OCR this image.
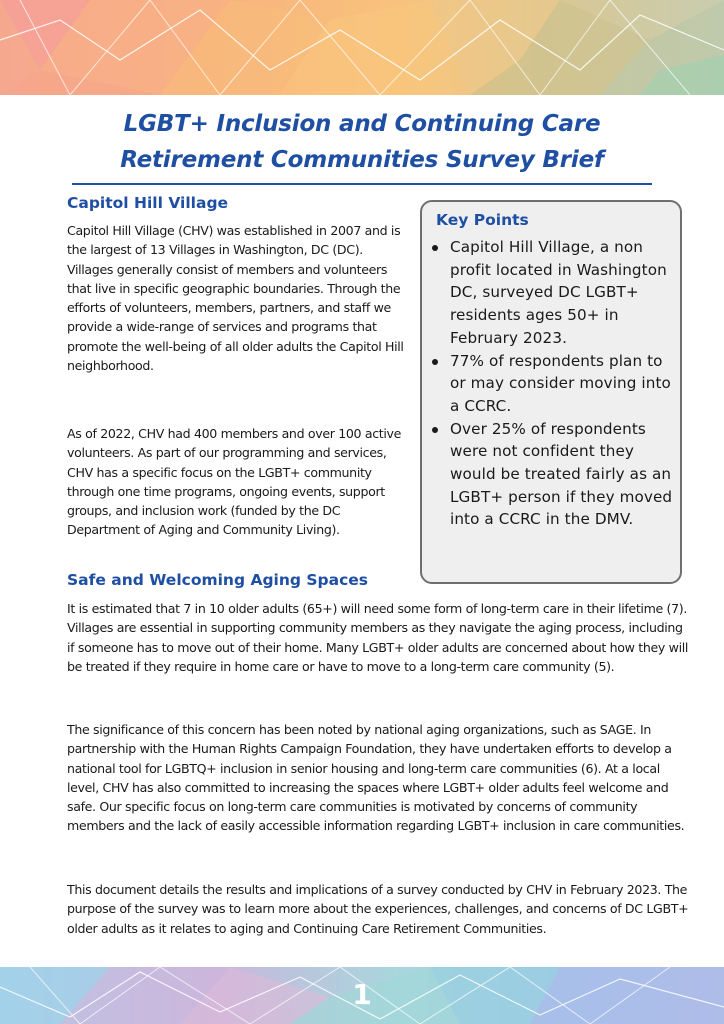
LGBT+ Inclusion and Continuing Care
Retirement Communities Survey Brief
Capitol Hill Village
Capitol Hill Village (CHV) was established in 2007 and is the largest of 13 Villages in Washington, DC (DC). Villages generally consist of members and volunteers that live in specific geographic boundaries. Through the efforts of volunteers, members, partners, and staff we provide a wide-range of services and programs that promote the well-being of all older adults the Capitol Hill neighborhood.
As of 2022, CHV had 400 members and over 100 active volunteers. As part of our programming and services, CHV has a specific focus on the LGBT+ community through one time programs, ongoing events, support groups, and inclusion work (funded by the DC Department of Aging and Community Living).
Key Points
Capitol Hill Village, a non profit located in Washington DC, surveyed DC LGBT+ residents ages 50+ in February 2023.
77% of respondents plan to or may consider moving into a CCRC.
Over 25% of respondents were not confident they would be treated fairly as an LGBT+ person if they moved into a CCRC in the DMV.
Safe and Welcoming Aging Spaces
It is estimated that 7 in 10 older adults (65+) will need some form of long-term care in their lifetime (7). Villages are essential in supporting community members as they navigate the aging process, including if someone has to move out of their home. Many LGBT+ older adults are concerned about how they will be treated if they require in home care or have to move to a long-term care community (5).
The significance of this concern has been noted by national aging organizations, such as SAGE. In partnership with the Human Rights Campaign Foundation, they have undertaken efforts to develop a national tool for LGBTQ+ inclusion in senior housing and long-term care communities (6). At a local level, CHV has also committed to increasing the spaces where LGBT+ older adults feel welcome and safe. Our specific focus on long-term care communities is motivated by concerns of community members and the lack of easily accessible information regarding LGBT+ inclusion in care communities.
This document details the results and implications of a survey conducted by CHV in February 2023. The purpose of the survey was to learn more about the experiences, challenges, and concerns of DC LGBT+ older adults as it relates to aging and Continuing Care Retirement Communities.
1
